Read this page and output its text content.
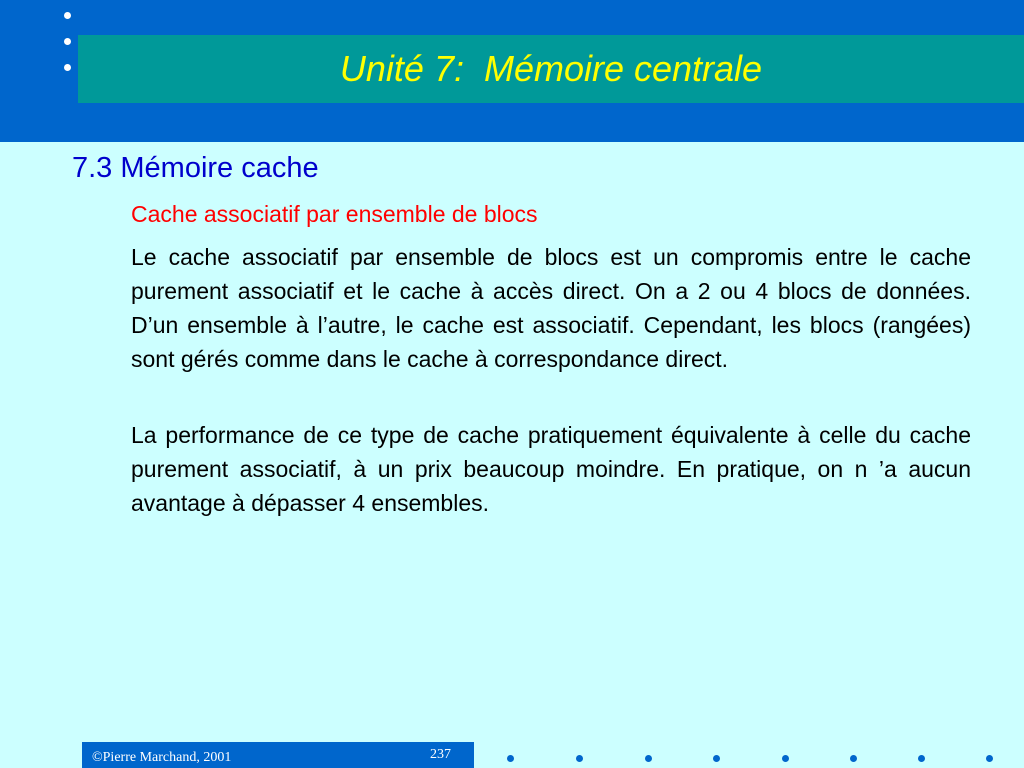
Unité 7:  Mémoire centrale
7.3 Mémoire cache
Cache associatif par ensemble de blocs

Le cache associatif par ensemble de blocs est un compromis entre le cache purement associatif et le cache à accès direct. On a 2 ou 4 blocs de données. D’un ensemble à l’autre, le cache est associatif. Cependant, les blocs (rangées) sont gérés comme dans le cache à correspondance direct.

La performance de ce type de cache pratiquement équivalente à celle du cache purement associatif, à un prix beaucoup moindre. En pratique, on n ’a aucun avantage à dépasser 4 ensembles.

©Pierre Marchand, 2001	237
